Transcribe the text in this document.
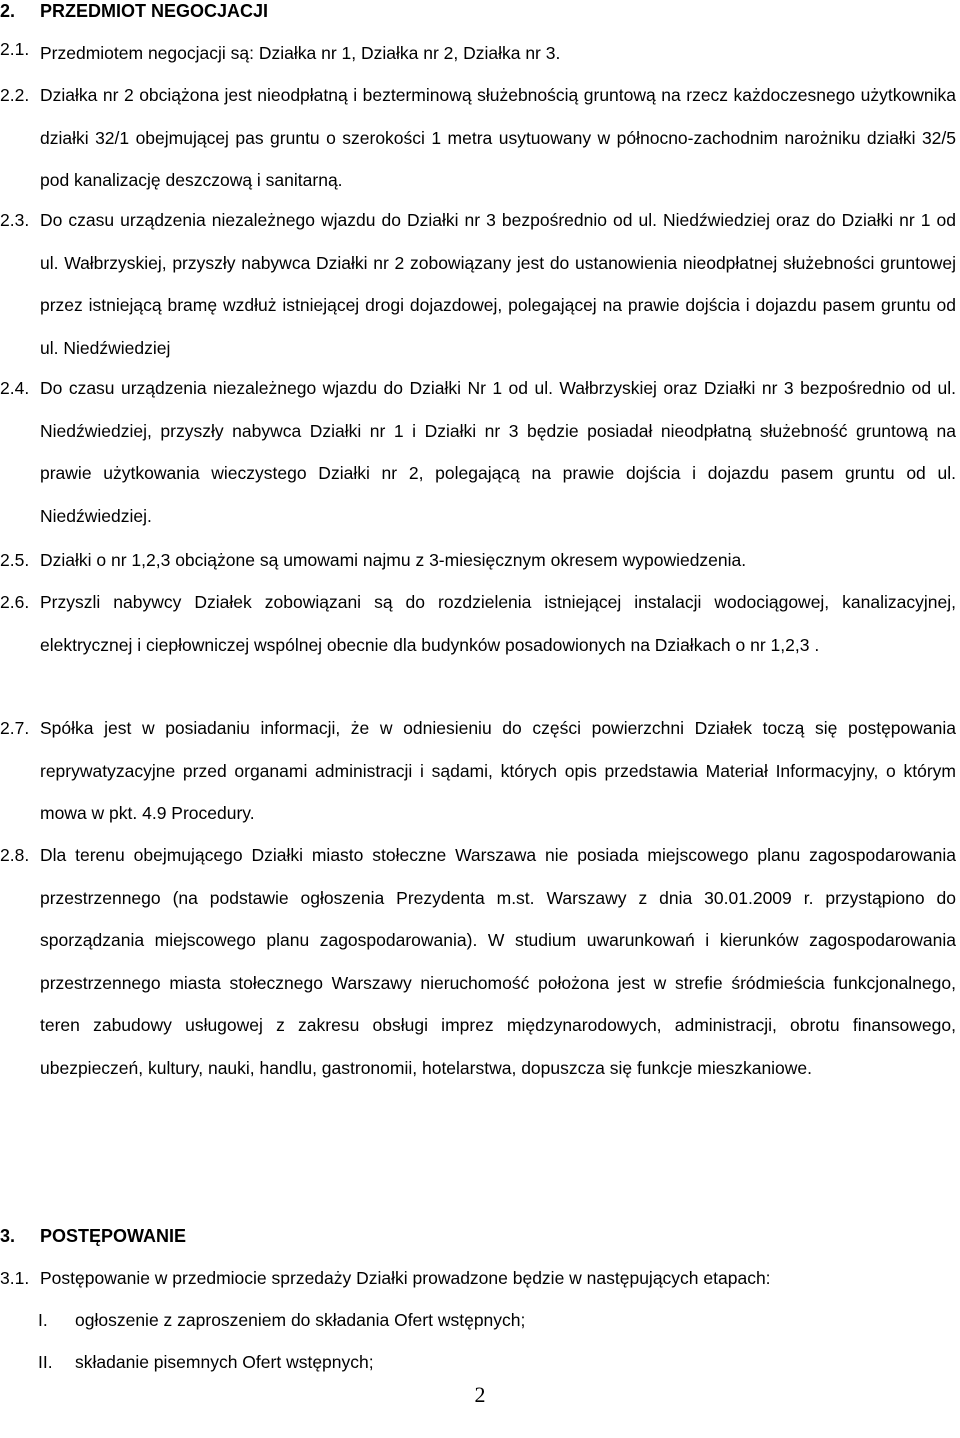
2. PRZEDMIOT NEGOCJACJI
2.1. Przedmiotem negocjacji są: Działka nr 1, Działka nr 2, Działka nr 3.
2.2. Działka nr 2 obciążona jest nieodpłatną i bezterminową służebnością gruntową na rzecz każdoczesnego użytkownika działki 32/1 obejmującej pas gruntu o szerokości 1 metra usytuowany w północno-zachodnim narożniku działki 32/5 pod kanalizację deszczową i sanitarną.
2.3. Do czasu urządzenia niezależnego wjazdu do Działki nr 3 bezpośrednio od ul. Niedźwiedziej oraz do Działki nr 1 od ul. Wałbrzyskiej, przyszły nabywca Działki nr 2 zobowiązany jest do ustanowienia nieodpłatnej służebności gruntowej przez istniejącą bramę wzdłuż istniejącej drogi dojazdowej, polegającej na prawie dojścia i dojazdu pasem gruntu od ul. Niedźwiedziej
2.4. Do czasu urządzenia niezależnego wjazdu do Działki Nr 1 od ul. Wałbrzyskiej oraz Działki nr 3 bezpośrednio od ul. Niedźwiedziej, przyszły nabywca Działki nr 1 i Działki nr 3 będzie posiadał nieodpłatną służebność gruntową na prawie użytkowania wieczystego Działki nr 2, polegającą na prawie dojścia i dojazdu pasem gruntu od ul. Niedźwiedziej.
2.5. Działki o nr 1,2,3 obciążone są umowami najmu z 3-miesięcznym okresem wypowiedzenia.
2.6. Przyszli nabywcy Działek zobowiązani są do rozdzielenia istniejącej instalacji wodociągowej, kanalizacyjnej, elektrycznej i ciepłowniczej wspólnej obecnie dla budynków posadowionych na Działkach o nr 1,2,3 .
2.7. Spółka jest w posiadaniu informacji, że w odniesieniu do części powierzchni Działek toczą się postępowania reprywatyzacyjne przed organami administracji i sądami, których opis przedstawia Materiał Informacyjny, o którym mowa w pkt. 4.9 Procedury.
2.8. Dla terenu obejmującego Działki miasto stołeczne Warszawa nie posiada miejscowego planu zagospodarowania przestrzennego (na podstawie ogłoszenia Prezydenta m.st. Warszawy z dnia 30.01.2009 r. przystąpiono do sporządzania miejscowego planu zagospodarowania). W studium uwarunkowań i kierunków zagospodarowania przestrzennego miasta stołecznego Warszawy nieruchomość położona jest w strefie śródmieścia funkcjonalnego, teren zabudowy usługowej z zakresu obsługi imprez międzynarodowych, administracji, obrotu finansowego, ubezpieczeń, kultury, nauki, handlu, gastronomii, hotelarstwa, dopuszcza się funkcje mieszkaniowe.
3. POSTĘPOWANIE
3.1. Postępowanie w przedmiocie sprzedaży Działki prowadzone będzie w następujących etapach:
I. ogłoszenie z zaproszeniem do składania Ofert wstępnych;
II. składanie pisemnych Ofert wstępnych;
2
